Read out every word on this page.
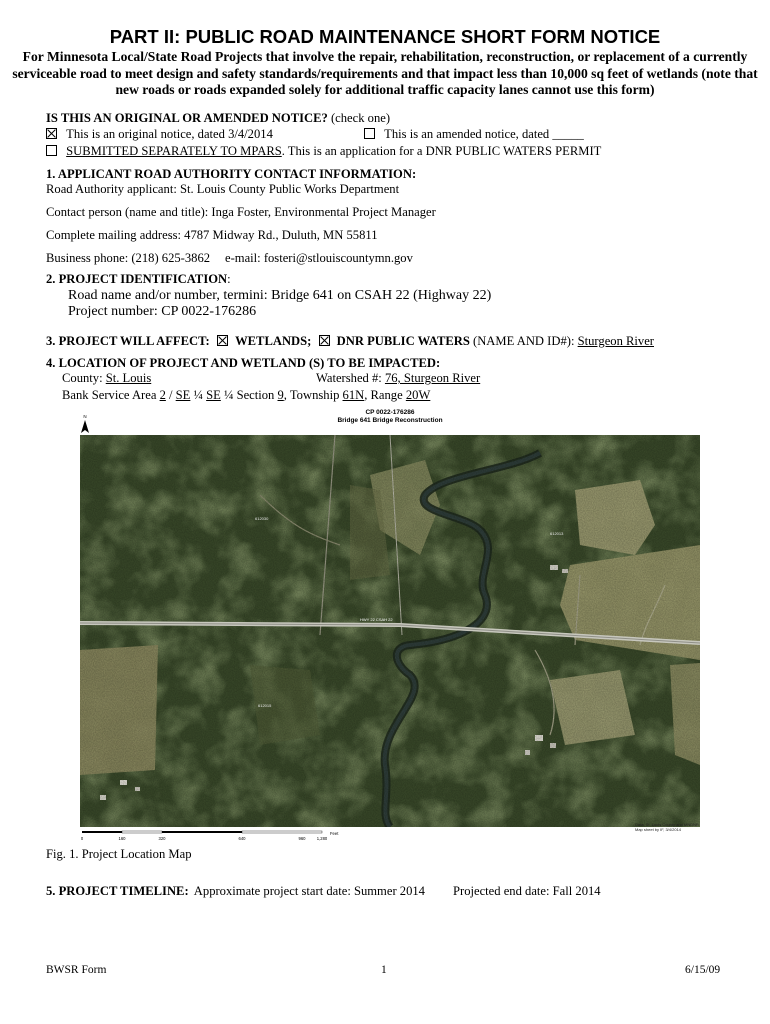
PART II: PUBLIC ROAD MAINTENANCE SHORT FORM NOTICE
For Minnesota Local/State Road Projects that involve the repair, rehabilitation, reconstruction, or replacement of a currently serviceable road to meet design and safety standards/requirements and that impact less than 10,000 sq feet of wetlands (note that new roads or roads expanded solely for additional traffic capacity lanes cannot use this form)
IS THIS AN ORIGINAL OR AMENDED NOTICE? (check one)
This is an original notice, dated 3/4/2014	This is an amended notice, dated _____
SUBMITTED SEPARATELY TO MPARS. This is an application for a DNR PUBLIC WATERS PERMIT
1. APPLICANT ROAD AUTHORITY CONTACT INFORMATION:
Road Authority applicant: St. Louis County Public Works Department
Contact person (name and title): Inga Foster, Environmental Project Manager
Complete mailing address: 4787 Midway Rd., Duluth, MN 55811
Business phone: (218) 625-3862 e-mail: fosteri@stlouiscountymn.gov
2. PROJECT IDENTIFICATION:
Road name and/or number, termini: Bridge 641 on CSAH 22 (Highway 22)
Project number: CP 0022-176286
3. PROJECT WILL AFFECT: WETLANDS; DNR PUBLIC WATERS (NAME AND ID#): Sturgeon River
4. LOCATION OF PROJECT AND WETLAND (S) TO BE IMPACTED:
County: St. Louis	Watershed #: 76, Sturgeon River
Bank Service Area 2 / SE ¼ SE ¼ Section 9, Township 61N, Range 20W
CP 0022-176286
Bridge 641 Bridge Reconstruction
N
HWY 22 CSAH 22
612030
612015
612013
0	160	320	640	960	1,280
Feet
Data: St. Louis County and MNDNR
Map sheet by IF, 3/4/2014
Fig. 1. Project Location Map
5. PROJECT TIMELINE: Approximate project start date: Summer 2014 Projected end date: Fall 2014
BWSR Form	1	6/15/09
